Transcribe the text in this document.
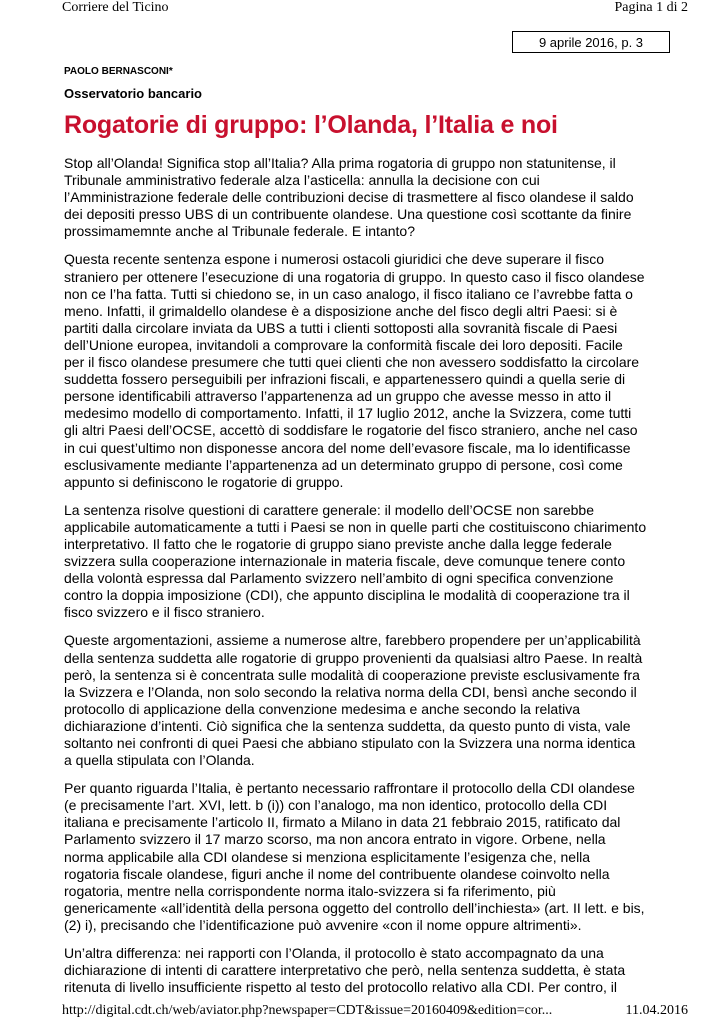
Corriere del Ticino	Pagina 1 di 2
9 aprile 2016, p. 3
PAOLO BERNASCONI*
Osservatorio bancario
Rogatorie di gruppo: l’Olanda, l’Italia e noi

Stop all’Olanda! Significa stop all’Italia? Alla prima rogatoria di gruppo non statunitense, il
Tribunale amministrativo federale alza l’asticella: annulla la decisione con cui
l’Amministrazione federale delle contribuzioni decise di trasmettere al fisco olandese il saldo
dei depositi presso UBS di un contribuente olandese. Una questione così scottante da finire
prossimamemnte anche al Tribunale federale. E intanto?

Questa recente sentenza espone i numerosi ostacoli giuridici che deve superare il fisco
straniero per ottenere l’esecuzione di una rogatoria di gruppo. In questo caso il fisco olandese
non ce l’ha fatta. Tutti si chiedono se, in un caso analogo, il fisco italiano ce l’avrebbe fatta o
meno. Infatti, il grimaldello olandese è a disposizione anche del fisco degli altri Paesi: si è
partiti dalla circolare inviata da UBS a tutti i clienti sottoposti alla sovranità fiscale di Paesi
dell’Unione europea, invitandoli a comprovare la conformità fiscale dei loro depositi. Facile
per il fisco olandese presumere che tutti quei clienti che non avessero soddisfatto la circolare
suddetta fossero perseguibili per infrazioni fiscali, e appartenessero quindi a quella serie di
persone identificabili attraverso l’appartenenza ad un gruppo che avesse messo in atto il
medesimo modello di comportamento. Infatti, il 17 luglio 2012, anche la Svizzera, come tutti
gli altri Paesi dell’OCSE, accettò di soddisfare le rogatorie del fisco straniero, anche nel caso
in cui quest’ultimo non disponesse ancora del nome dell’evasore fiscale, ma lo identificasse
esclusivamente mediante l’appartenenza ad un determinato gruppo di persone, così come
appunto si definiscono le rogatorie di gruppo.

La sentenza risolve questioni di carattere generale: il modello dell’OCSE non sarebbe
applicabile automaticamente a tutti i Paesi se non in quelle parti che costituiscono chiarimento
interpretativo. Il fatto che le rogatorie di gruppo siano previste anche dalla legge federale
svizzera sulla cooperazione internazionale in materia fiscale, deve comunque tenere conto
della volontà espressa dal Parlamento svizzero nell’ambito di ogni specifica convenzione
contro la doppia imposizione (CDI), che appunto disciplina le modalità di cooperazione tra il
fisco svizzero e il fisco straniero.

Queste argomentazioni, assieme a numerose altre, farebbero propendere per un’applicabilità
della sentenza suddetta alle rogatorie di gruppo provenienti da qualsiasi altro Paese. In realtà
però, la sentenza si è concentrata sulle modalità di cooperazione previste esclusivamente fra
la Svizzera e l’Olanda, non solo secondo la relativa norma della CDI, bensì anche secondo il
protocollo di applicazione della convenzione medesima e anche secondo la relativa
dichiarazione d’intenti. Ciò significa che la sentenza suddetta, da questo punto di vista, vale
soltanto nei confronti di quei Paesi che abbiano stipulato con la Svizzera una norma identica
a quella stipulata con l’Olanda.

Per quanto riguarda l’Italia, è pertanto necessario raffrontare il protocollo della CDI olandese
(e precisamente l’art. XVI, lett. b (i)) con l’analogo, ma non identico, protocollo della CDI
italiana e precisamente l’articolo II, firmato a Milano in data 21 febbraio 2015, ratificato dal
Parlamento svizzero il 17 marzo scorso, ma non ancora entrato in vigore. Orbene, nella
norma applicabile alla CDI olandese si menziona esplicitamente l’esigenza che, nella
rogatoria fiscale olandese, figuri anche il nome del contribuente olandese coinvolto nella
rogatoria, mentre nella corrispondente norma italo-svizzera si fa riferimento, più
genericamente «all’identità della persona oggetto del controllo dell’inchiesta» (art. II lett. e bis,
(2) i), precisando che l’identificazione può avvenire «con il nome oppure altrimenti».

Un’altra differenza: nei rapporti con l’Olanda, il protocollo è stato accompagnato da una
dichiarazione di intenti di carattere interpretativo che però, nella sentenza suddetta, è stata
ritenuta di livello insufficiente rispetto al testo del protocollo relativo alla CDI. Per contro, il

http://digital.cdt.ch/web/aviator.php?newspaper=CDT&issue=20160409&edition=cor...	11.04.2016
